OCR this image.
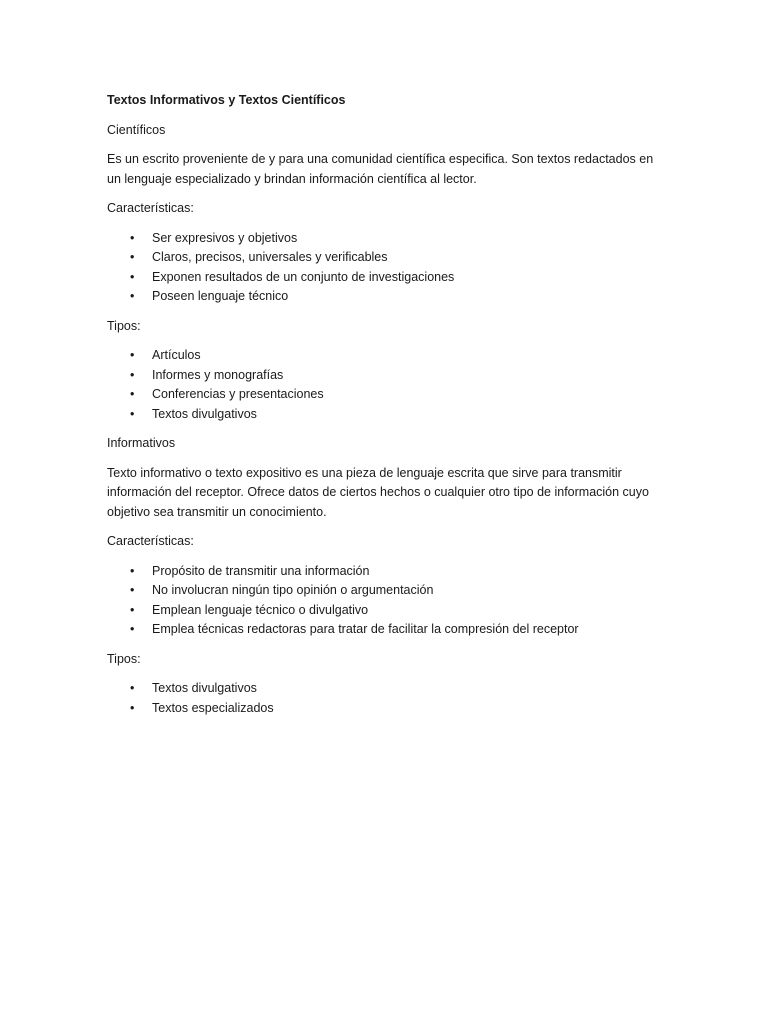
Textos Informativos y Textos Científicos

Científicos

Es un escrito proveniente de y para una comunidad científica especifica. Son textos redactados en un lenguaje especializado y brindan información científica al lector.

Características:

• Ser expresivos y objetivos
• Claros, precisos, universales y verificables
• Exponen resultados de un conjunto de investigaciones
• Poseen lenguaje técnico

Tipos:

• Artículos
• Informes y monografías
• Conferencias y presentaciones
• Textos divulgativos

Informativos

Texto informativo o texto expositivo es una pieza de lenguaje escrita que sirve para transmitir información del receptor. Ofrece datos de ciertos hechos o cualquier otro tipo de información cuyo objetivo sea transmitir un conocimiento.

Características:

• Propósito de transmitir una información
• No involucran ningún tipo opinión o argumentación
• Emplean lenguaje técnico o divulgativo
• Emplea técnicas redactoras para tratar de facilitar la compresión del receptor

Tipos:

• Textos divulgativos
• Textos especializados
